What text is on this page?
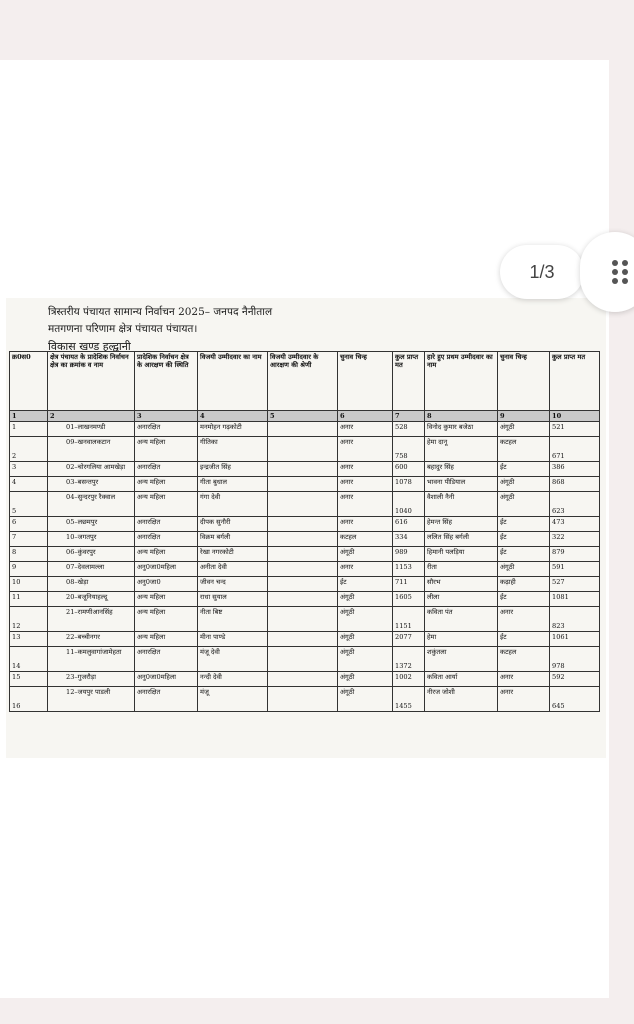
त्रिस्तरीय पंचायत सामान्य निर्वाचन 2025– जनपद नैनीताल
मतगणना परिणाम क्षेत्र पंचायत पंचायत।
विकास खण्ड हल्द्वानी
क्र0स0	क्षेत्र पंचायत के प्रादेशिक निर्वाचन क्षेत्र का क्रमांक व नाम	प्रादेशिक निर्वाचन क्षेत्र के आरक्षण की स्थिति	विजयी उम्मीदवार का नाम	विजयी उम्मीदवार के आरक्षण की श्रेणी	चुनाव चिन्ह	कुल प्राप्त मत	हारे हुए प्रथम उम्मीदवार का नाम	चुनाव चिन्ह	कुल प्राप्त मत
1	2	3	4	5	6	7	8	9	10
1	01–लाखनमण्डी	अनारक्षित	मनमोहन गढ़कोटी		अनार	528	विनोद कुमार बजेठा	अंगूठी	521
2	09–खनवालकटान	अन्य महिला	गीतिका		अनार	758	हेमा दानू	कटहल	671
3	02–चोरगलिया आमखेड़ा	अनारक्षित	इन्द्रजीत सिंह		अनार	600	बहादुर सिंह	ईंट	386
4	03–बसन्तपुर	अन्य महिला	गीता बुधाल		अनार	1078	भावना पीडियाल	अंगूठी	868
5	04–सुन्दरपुर रैक्वाल	अन्य महिला	गंगा देवी		अनार	1040	वैशाली नैनी	अंगूठी	623
6	05–लछमपुर	अनारक्षित	दीपक सुनौरी		अनार	616	हेमन्त सिंह	ईंट	473
7	10–जगतपुर	अनारक्षित	विक्रम बर्गली		कटहल	334	ललित सिंह बर्गली	ईंट	322
8	06–कुंवरपुर	अन्य महिला	रेखा नगरकोटी		अंगूठी	989	हिमानी पलड़िया	ईंट	879
9	07–देवलामल्ला	अनु0जा0महिला	अनीता देवी		अनार	1153	रीता	अंगूठी	591
10	08–खेड़ा	अनु0जा0	जीवन चन्द		ईंट	711	सौरभ	कढ़ाही	527
11	20–बजूनियाहल्दू	अन्य महिला	राधा सुयाल		अंगूठी	1605	लीला	ईंट	1081
12	21–रामणीआनसिंह	अन्य महिला	नीता बिष्ट		अंगूठी	1151	कविता पंत	अनार	823
13	22–बच्चीनगर	अन्य महिला	मीना पाण्डे		अंगूठी	2077	हेमा	ईंट	1061
14	11–कमलुवागांजामेहता	अनारक्षित	मंजू देवी		अंगूठी	1372	शकुंतला	कटहल	978
15	23–गुजरौड़ा	अनु0जा0महिला	नन्दी देवी		अंगूठी	1002	कविता आर्या	अनार	592
16	12–जयपुर पाडली	अनारक्षित	मंजू		अंगूठी	1455	नीरज जोशी	अनार	645
1/3
